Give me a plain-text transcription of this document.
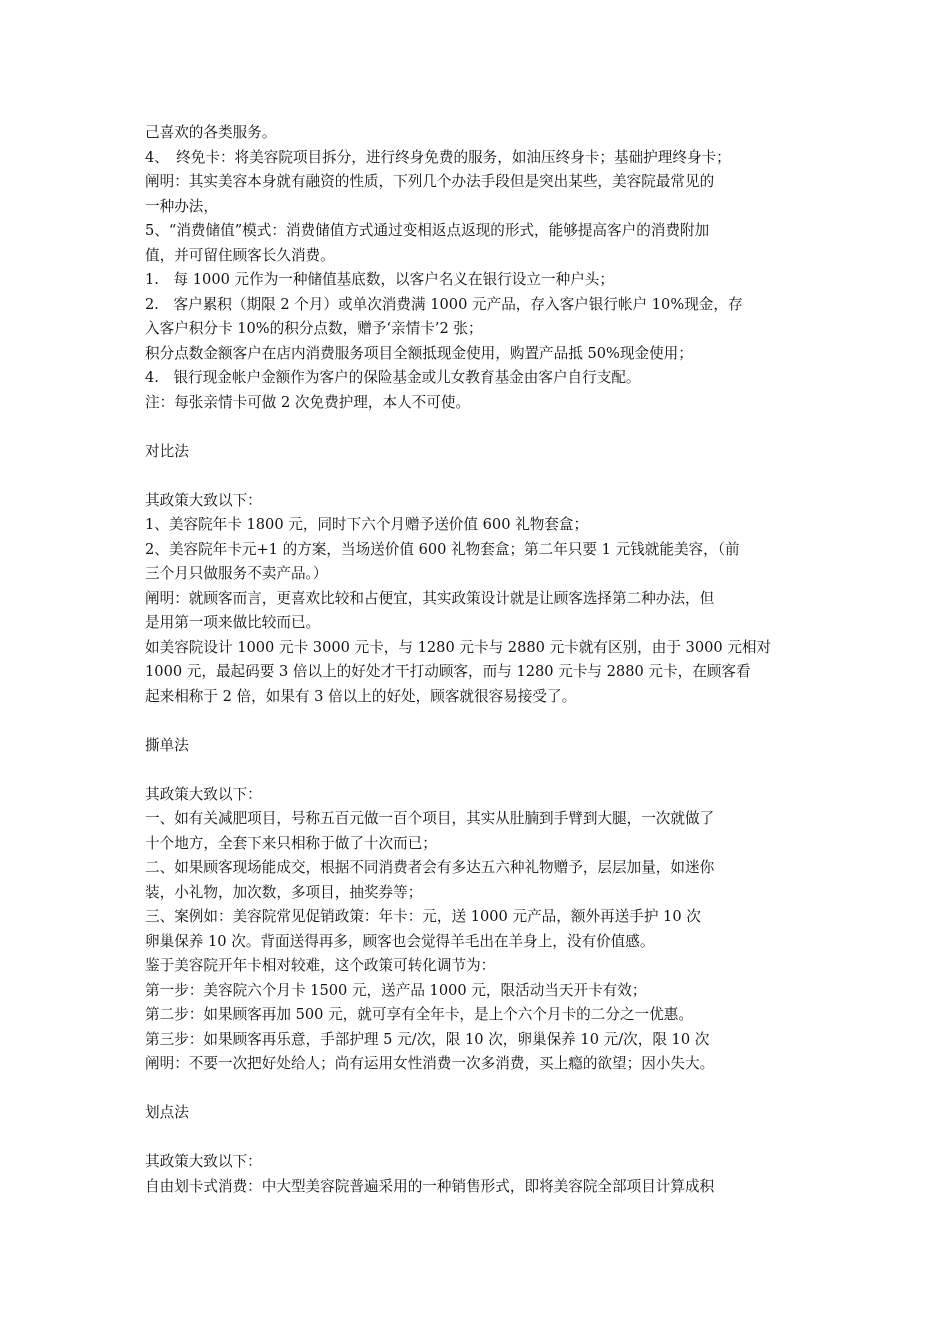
己喜欢的各类服务。
4、　终免卡：将美容院项目拆分，进行终身免费的服务，如油压终身卡；基础护理终身卡；
阐明：其实美容本身就有融资的性质，下列几个办法手段但是突出某些，美容院最常见的
一种办法，
5、“消费储值”模式：消费储值方式通过变相返点返现的形式，能够提高客户的消费附加
值，并可留住顾客长久消费。
1.　每 1000 元作为一种储值基底数，以客户名义在银行设立一种户头；
2.　客户累积（期限 2 个月）或单次消费满 1000 元产品，存入客户银行帐户 10%现金，存
入客户积分卡 10%的积分点数，赠予‘亲情卡’2 张；
积分点数金额客户在店内消费服务项目全额抵现金使用，购置产品抵 50%现金使用；
4.　银行现金帐户金额作为客户的保险基金或儿女教育基金由客户自行支配。
注：每张亲情卡可做 2 次免费护理，本人不可使。
对比法
其政策大致以下：
1、美容院年卡 1800 元，同时下六个月赠予送价值 600 礼物套盒；
2、美容院年卡元+1 的方案，当场送价值 600 礼物套盒；第二年只要 1 元钱就能美容，（前
三个月只做服务不卖产品。）
阐明：就顾客而言，更喜欢比较和占便宜，其实政策设计就是让顾客选择第二种办法，但
是用第一项来做比较而已。
如美容院设计 1000 元卡 3000 元卡，与 1280 元卡与 2880 元卡就有区别，由于 3000 元相对
1000 元，最起码要 3 倍以上的好处才干打动顾客，而与 1280 元卡与 2880 元卡，在顾客看
起来相称于 2 倍，如果有 3 倍以上的好处，顾客就很容易接受了。
撕单法
其政策大致以下：
一、如有关减肥项目，号称五百元做一百个项目，其实从肚腩到手臂到大腿，一次就做了
十个地方，全套下来只相称于做了十次而已；
二、如果顾客现场能成交，根据不同消费者会有多达五六种礼物赠予，层层加量，如迷你
装，小礼物，加次数，多项目，抽奖券等；
三、案例如：美容院常见促销政策：年卡：元，送 1000 元产品，额外再送手护 10 次
卵巢保养 10 次。背面送得再多，顾客也会觉得羊毛出在羊身上，没有价值感。
鉴于美容院开年卡相对较难，这个政策可转化调节为：
第一步：美容院六个月卡 1500 元，送产品 1000 元，限活动当天开卡有效；
第二步：如果顾客再加 500 元，就可享有全年卡，是上个六个月卡的二分之一优惠。
第三步：如果顾客再乐意，手部护理 5 元/次，限 10 次，卵巢保养 10 元/次，限 10 次
阐明：不要一次把好处给人；尚有运用女性消费一次多消费，买上瘾的欲望；因小失大。
划点法
其政策大致以下：
自由划卡式消费：中大型美容院普遍采用的一种销售形式，即将美容院全部项目计算成积
